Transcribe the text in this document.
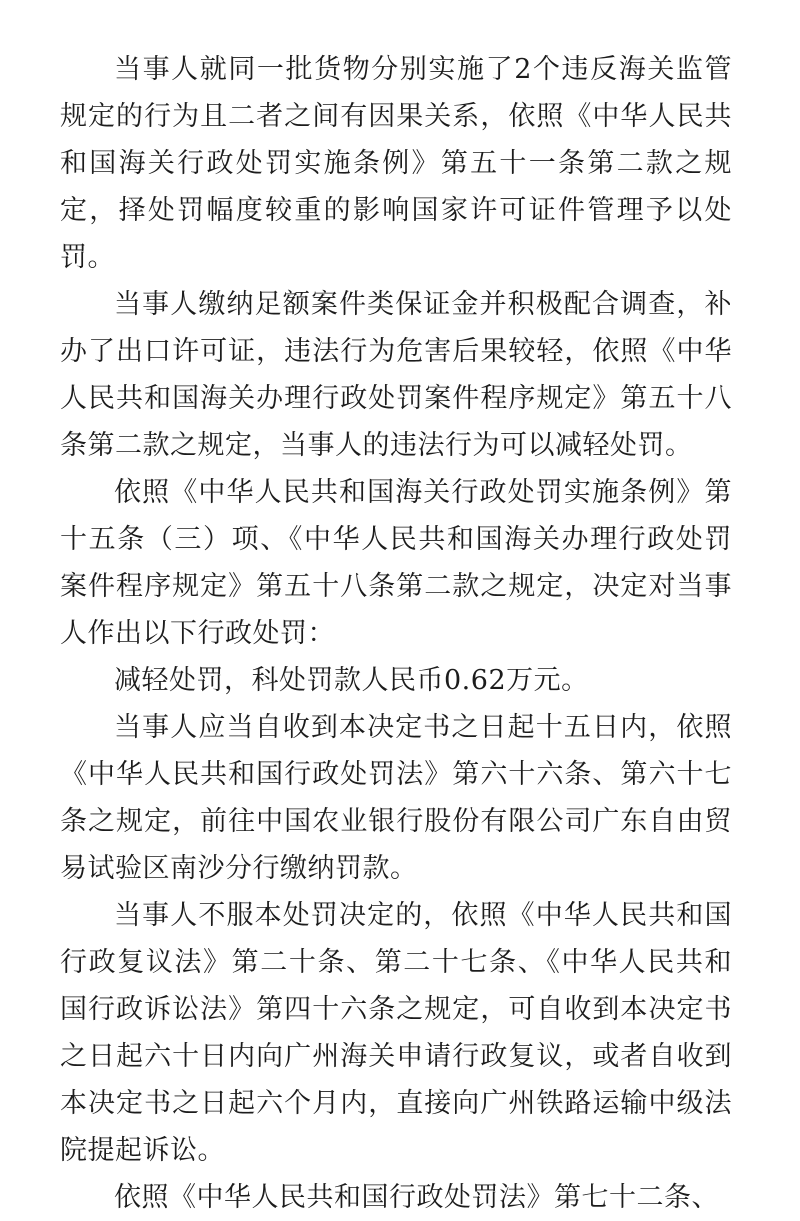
当事人就同一批货物分别实施了2个违反海关监管规定的行为且二者之间有因果关系，依照《中华人民共和国海关行政处罚实施条例》第五十一条第二款之规定，择处罚幅度较重的影响国家许可证件管理予以处罚。

当事人缴纳足额案件类保证金并积极配合调查，补办了出口许可证，违法行为危害后果较轻，依照《中华人民共和国海关办理行政处罚案件程序规定》第五十八条第二款之规定，当事人的违法行为可以减轻处罚。

依照《中华人民共和国海关行政处罚实施条例》第十五条（三）项、《中华人民共和国海关办理行政处罚案件程序规定》第五十八条第二款之规定，决定对当事人作出以下行政处罚：

减轻处罚，科处罚款人民币0.62万元。

当事人应当自收到本决定书之日起十五日内，依照《中华人民共和国行政处罚法》第六十六条、第六十七条之规定，前往中国农业银行股份有限公司广东自由贸易试验区南沙分行缴纳罚款。

当事人不服本处罚决定的，依照《中华人民共和国行政复议法》第二十条、第二十七条、《中华人民共和国行政诉讼法》第四十六条之规定，可自收到本决定书之日起六十日内向广州海关申请行政复议，或者自收到本决定书之日起六个月内，直接向广州铁路运输中级法院提起诉讼。

依照《中华人民共和国行政处罚法》第七十二条、
